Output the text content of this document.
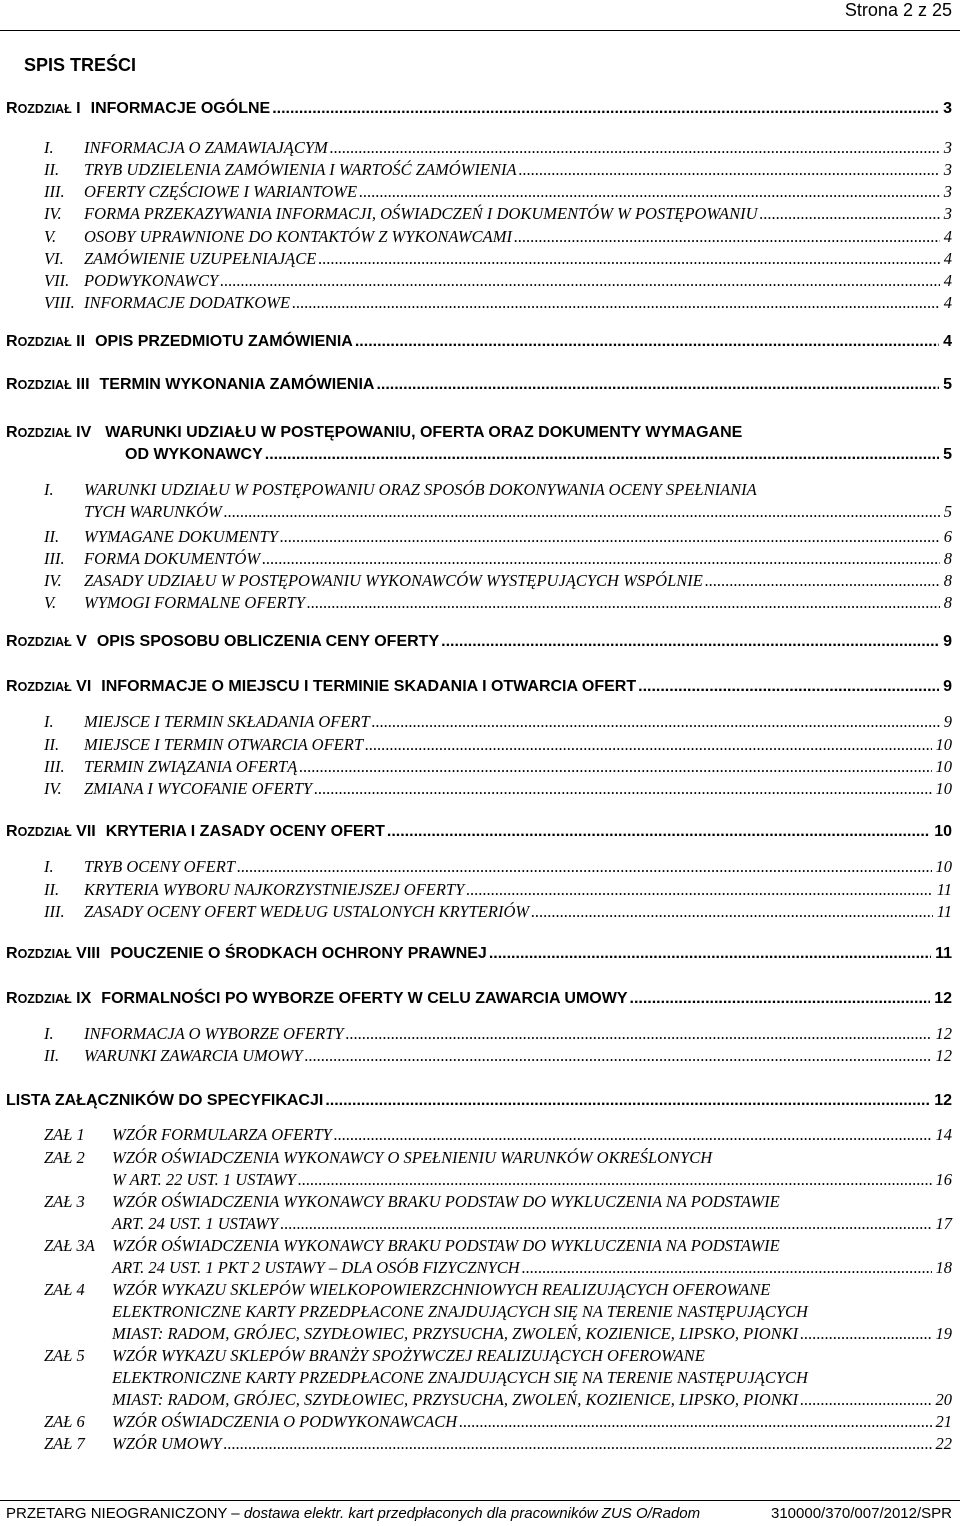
Strona 2 z 25
SPIS TREŚCI
ROZDZIAŁ I INFORMACJE OGÓLNE .....	3
I.	INFORMACJA O ZAMAWIAJĄCYM .....	3
II.	TRYB UDZIELENIA ZAMÓWIENIA I WARTOŚĆ ZAMÓWIENIA .....	3
III.	OFERTY CZĘŚCIOWE I WARIANTOWE .....	3
IV.	FORMA PRZEKAZYWANIA INFORMACJI, OŚWIADCZEŃ I DOKUMENTÓW W POSTĘPOWANIU .....	3
V.	OSOBY UPRAWNIONE DO KONTAKTÓW Z WYKONAWCAMI .....	4
VI.	ZAMÓWIENIE UZUPEŁNIAJĄCE .....	4
VII. PODWYKONAWCY .....	4
VIII. INFORMACJE DODATKOWE .....	4
ROZDZIAŁ II OPIS PRZEDMIOTU ZAMÓWIENIA .....	4
ROZDZIAŁ III TERMIN WYKONANIA ZAMÓWIENIA .....	5
ROZDZIAŁ IV WARUNKI UDZIAŁU W POSTĘPOWANIU, OFERTA ORAZ DOKUMENTY WYMAGANE
OD WYKONAWCY .....	5
I.	WARUNKI UDZIAŁU W POSTĘPOWANIU ORAZ SPOSÓB DOKONYWANIA OCENY SPEŁNIANIA
TYCH WARUNKÓW .....	5
II.	WYMAGANE DOKUMENTY .....	6
III.	FORMA DOKUMENTÓW .....	8
IV.	ZASADY UDZIAŁU W POSTĘPOWANIU WYKONAWCÓW WYSTĘPUJĄCYCH WSPÓLNIE .....	8
V.	WYMOGI FORMALNE OFERTY .....	8
ROZDZIAŁ V OPIS SPOSOBU OBLICZENIA CENY OFERTY .....	9
ROZDZIAŁ VI INFORMACJE O MIEJSCU I TERMINIE SKADANIA I OTWARCIA OFERT .....	9
I.	MIEJSCE I TERMIN SKŁADANIA OFERT .....	9
II.	MIEJSCE I TERMIN OTWARCIA OFERT .....	10
III.	TERMIN ZWIĄZANIA OFERTĄ .....	10
IV.	ZMIANA I WYCOFANIE OFERTY .....	10
ROZDZIAŁ VII KRYTERIA I ZASADY OCENY OFERT .....	10
I.	TRYB OCENY OFERT .....	10
II.	KRYTERIA WYBORU NAJKORZYSTNIEJSZEJ OFERTY .....	11
III.	ZASADY OCENY OFERT WEDŁUG USTALONYCH KRYTERIÓW .....	11
ROZDZIAŁ VIII POUCZENIE O ŚRODKACH OCHRONY PRAWNEJ .....	11
ROZDZIAŁ IX FORMALNOŚCI PO WYBORZE OFERTY W CELU ZAWARCIA UMOWY .....	12
I.	INFORMACJA O WYBORZE OFERTY .....	12
II.	WARUNKI ZAWARCIA UMOWY .....	12
LISTA ZAŁĄCZNIKÓW DO SPECYFIKACJI .....	12
ZAŁ 1 WZÓR FORMULARZA OFERTY .....	14
ZAŁ 2 WZÓR OŚWIADCZENIA WYKONAWCY O SPEŁNIENIU WARUNKÓW OKREŚLONYCH
W ART. 22 UST. 1 USTAWY .....	16
ZAŁ 3 WZÓR OŚWIADCZENIA WYKONAWCY BRAKU PODSTAW DO WYKLUCZENIA NA PODSTAWIE
ART. 24 UST. 1 USTAWY .....	17
ZAŁ 3A WZÓR OŚWIADCZENIA WYKONAWCY BRAKU PODSTAW DO WYKLUCZENIA NA PODSTAWIE
ART. 24 UST. 1 PKT 2 USTAWY – DLA OSÓB FIZYCZNYCH .....	18
ZAŁ 4 WZÓR WYKAZU SKLEPÓW WIELKOPOWIERZCHNIOWYCH REALIZUJĄCYCH OFEROWANE
ELEKTRONICZNE KARTY PRZEDPŁACONE ZNAJDUJĄCYCH SIĘ NA TERENIE NASTĘPUJĄCYCH
MIAST: RADOM, GRÓJEC, SZYDŁOWIEC, PRZYSUCHA, ZWOLEŃ, KOZIENICE, LIPSKO, PIONKI .....	19
ZAŁ 5 WZÓR WYKAZU SKLEPÓW BRANŻY SPOŻYWCZEJ REALIZUJĄCYCH OFEROWANE
ELEKTRONICZNE KARTY PRZEDPŁACONE ZNAJDUJĄCYCH SIĘ NA TERENIE NASTĘPUJĄCYCH
MIAST: RADOM, GRÓJEC, SZYDŁOWIEC, PRZYSUCHA, ZWOLEŃ, KOZIENICE, LIPSKO, PIONKI .....	20
ZAŁ 6 WZÓR OŚWIADCZENIA O PODWYKONAWCACH .....	21
ZAŁ 7 WZÓR UMOWY .....	22
PRZETARG NIEOGRANICZONY – dostawa elektr. kart przedpłaconych dla pracowników ZUS O/Radom	310000/370/007/2012/SPR
